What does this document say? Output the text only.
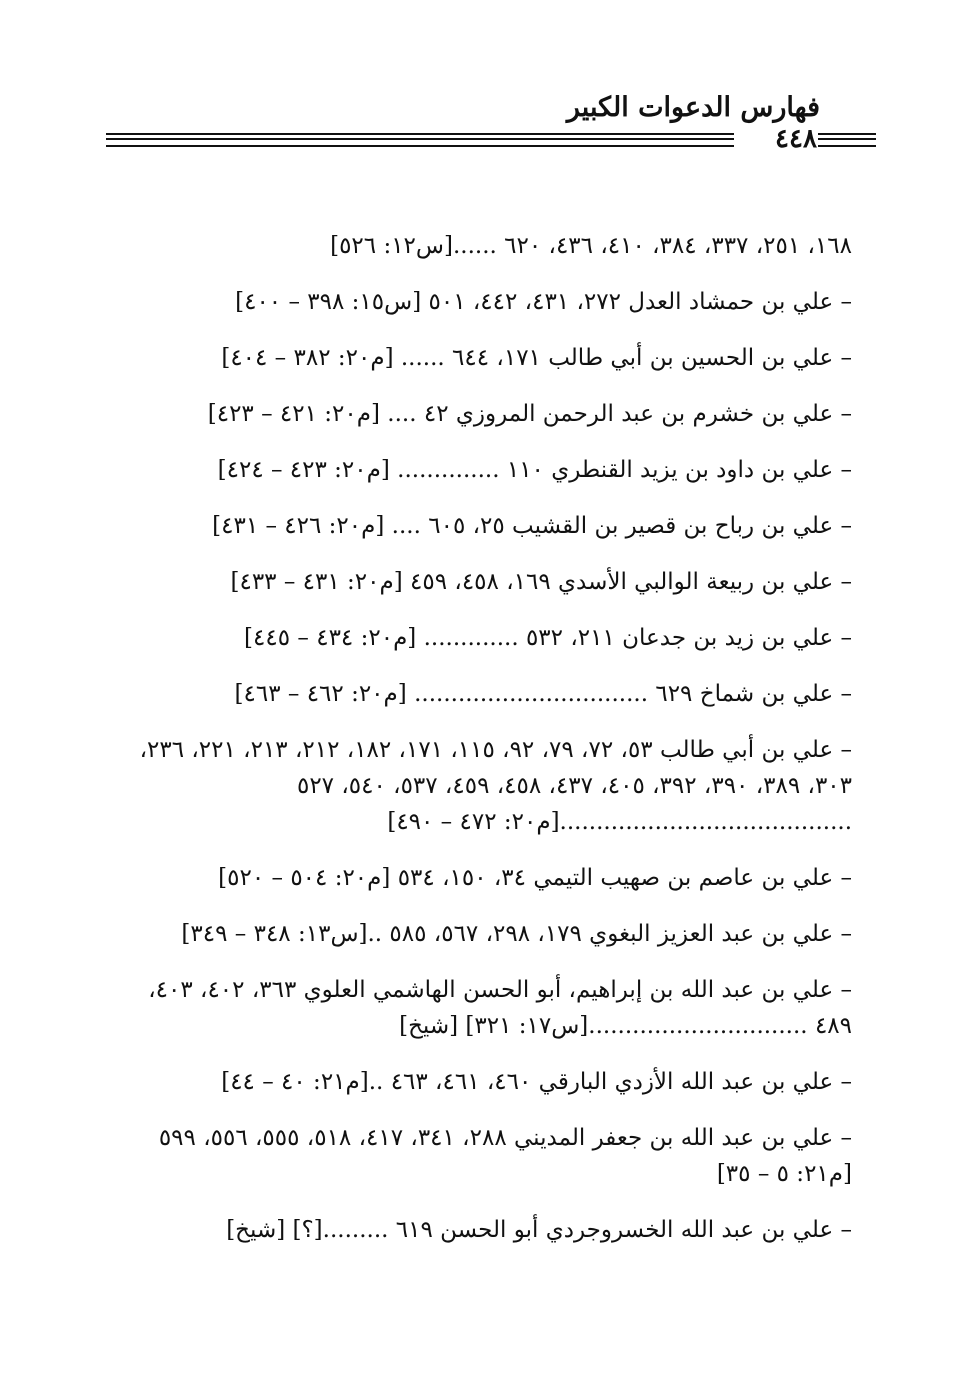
فهارس الدعوات الكبير
٤٤٨
١٦٨، ٢٥١، ٣٣٧، ٣٨٤، ٤١٠، ٤٣٦، ٦٢٠ ......[س١٢: ٥٢٦]
– علي بن حمشاد العدل ٢٧٢، ٤٣١، ٤٤٢، ٥٠١ [س١٥: ٣٩٨ – ٤٠٠]
– علي بن الحسين بن أبي طالب ١٧١، ٦٤٤ ...... [م٢٠: ٣٨٢ – ٤٠٤]
– علي بن خشرم بن عبد الرحمن المروزي ٤٢ .... [م٢٠: ٤٢١ – ٤٢٣]
– علي بن داود بن يزيد القنطري ١١٠ .............. [م٢٠: ٤٢٣ – ٤٢٤]
– علي بن رباح بن قصير بن القشيب ٢٥، ٦٠٥ .... [م٢٠: ٤٢٦ – ٤٣١]
– علي بن ربيعة الوالبي الأسدي ١٦٩، ٤٥٨، ٤٥٩ [م٢٠: ٤٣١ – ٤٣٣]
– علي بن زيد بن جدعان ٢١١، ٥٣٢ ............. [م٢٠: ٤٣٤ – ٤٤٥]
– علي بن شماخ ٦٢٩ ................................ [م٢٠: ٤٦٢ – ٤٦٣]
– علي بن أبي طالب ٥٣، ٧٢، ٧٩، ٩٢، ١١٥، ١٧١، ١٨٢، ٢١٢، ٢١٣، ٢٢١، ٢٣٦، ٣٠٣، ٣٨٩، ٣٩٠، ٣٩٢، ٤٠٥، ٤٣٧، ٤٥٨، ٤٥٩، ٥٣٧، ٥٤٠، ٥٢٧ ........................................[م٢٠: ٤٧٢ – ٤٩٠]
– علي بن عاصم بن صهيب التيمي ٣٤، ١٥٠، ٥٣٤ [م٢٠: ٥٠٤ – ٥٢٠]
– علي بن عبد العزيز البغوي ١٧٩، ٢٩٨، ٥٦٧، ٥٨٥ ..[س١٣: ٣٤٨ – ٣٤٩]
– علي بن عبد الله بن إبراهيم، أبو الحسن الهاشمي العلوي ٣٦٣، ٤٠٢، ٤٠٣، ٤٨٩ ..............................[س١٧: ٣٢١] [شيخ]
– علي بن عبد الله الأزدي البارقي ٤٦٠، ٤٦١، ٤٦٣ ..[م٢١: ٤٠ – ٤٤]
– علي بن عبد الله بن جعفر المديني ٢٨٨، ٣٤١، ٤١٧، ٥١٨، ٥٥٥، ٥٥٦، ٥٩٩ [م٢١: ٥ – ٣٥]
– علي بن عبد الله الخسروجردي أبو الحسن ٦١٩ .........[؟] [شيخ]
